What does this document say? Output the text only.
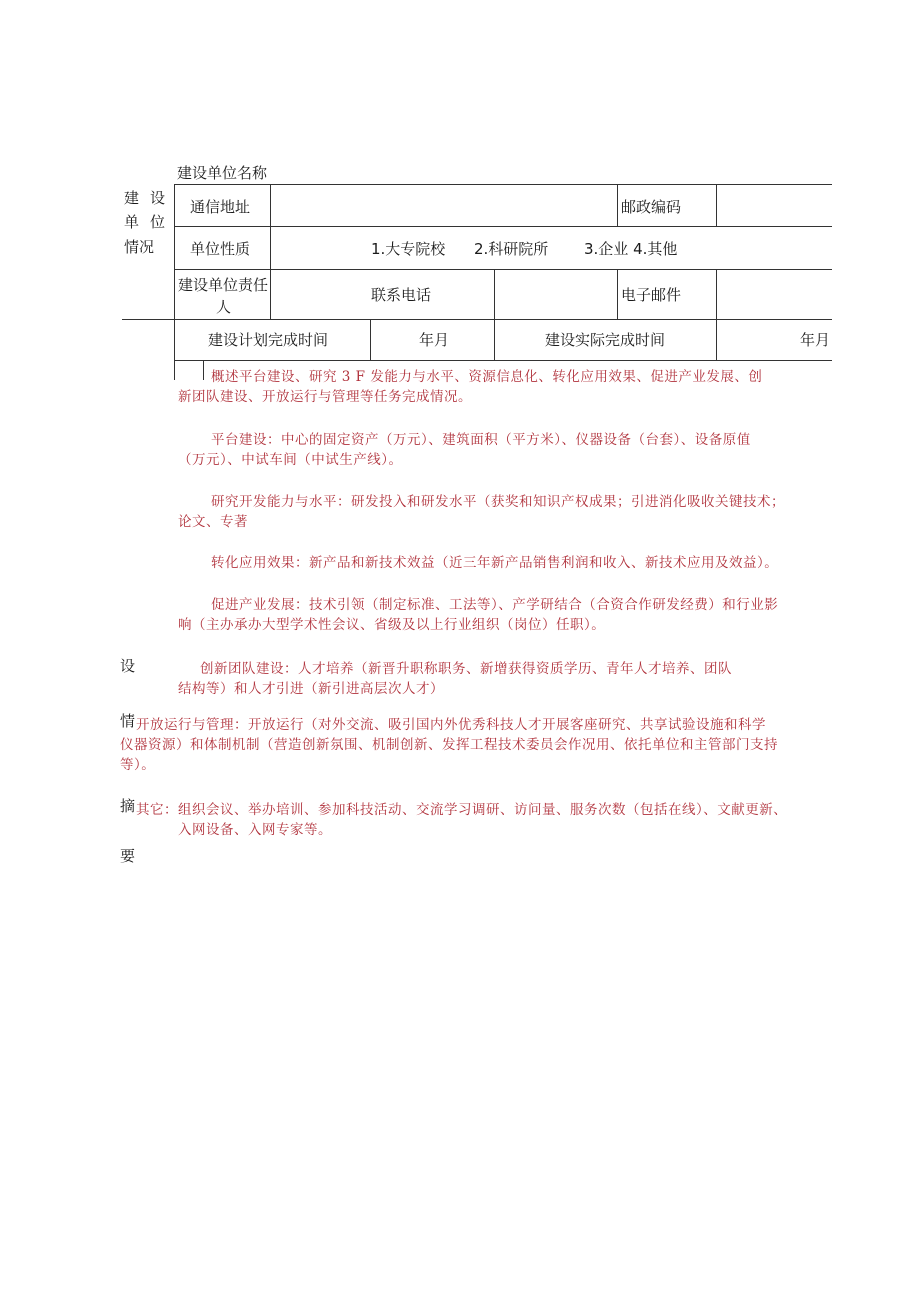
建  设
单  位
情况
建设单位名称
通信地址	邮政编码
单位性质	1.大专院校 2.科研院所 3.企业 4.其他
建设单位责任
人
联系电话	电子邮件
建设计划完成时间	年月	建设实际完成时间	年月
概述平台建设、研究 3 F 发能力与水平、资源信息化、转化应用效果、促进产业发展、创
新团队建设、开放运行与管理等任务完成情况。
平台建设：中心的固定资产（万元）、建筑面积（平方米）、仪器设备（台套）、设备原值
（万元）、中试车间（中试生产线）。
研究开发能力与水平：研发投入和研发水平（获奖和知识产权成果；引进消化吸收关键技术；
论文、专著
转化应用效果：新产品和新技术效益（近三年新产品销售利润和收入、新技术应用及效益）。
促进产业发展：技术引领（制定标准、工法等）、产学研结合（合资合作研发经费）和行业影
响（主办承办大型学术性会议、省级及以上行业组织（岗位）任职）。
设	创新团队建设：人才培养（新晋升职称职务、新增获得资质学历、青年人才培养、团队
结构等）和人才引进（新引进高层次人才）
情 开放运行与管理：开放运行（对外交流、吸引国内外优秀科技人才开展客座研究、共享试验设施和科学
仪器资源）和体制机制（营造创新氛围、机制创新、发挥工程技术委员会作况用、依托单位和主管部门支持
等）。
摘 其它：组织会议、举办培训、参加科技活动、交流学习调研、访问量、服务次数（包括在线）、文献更新、
入网设备、入网专家等。
要
